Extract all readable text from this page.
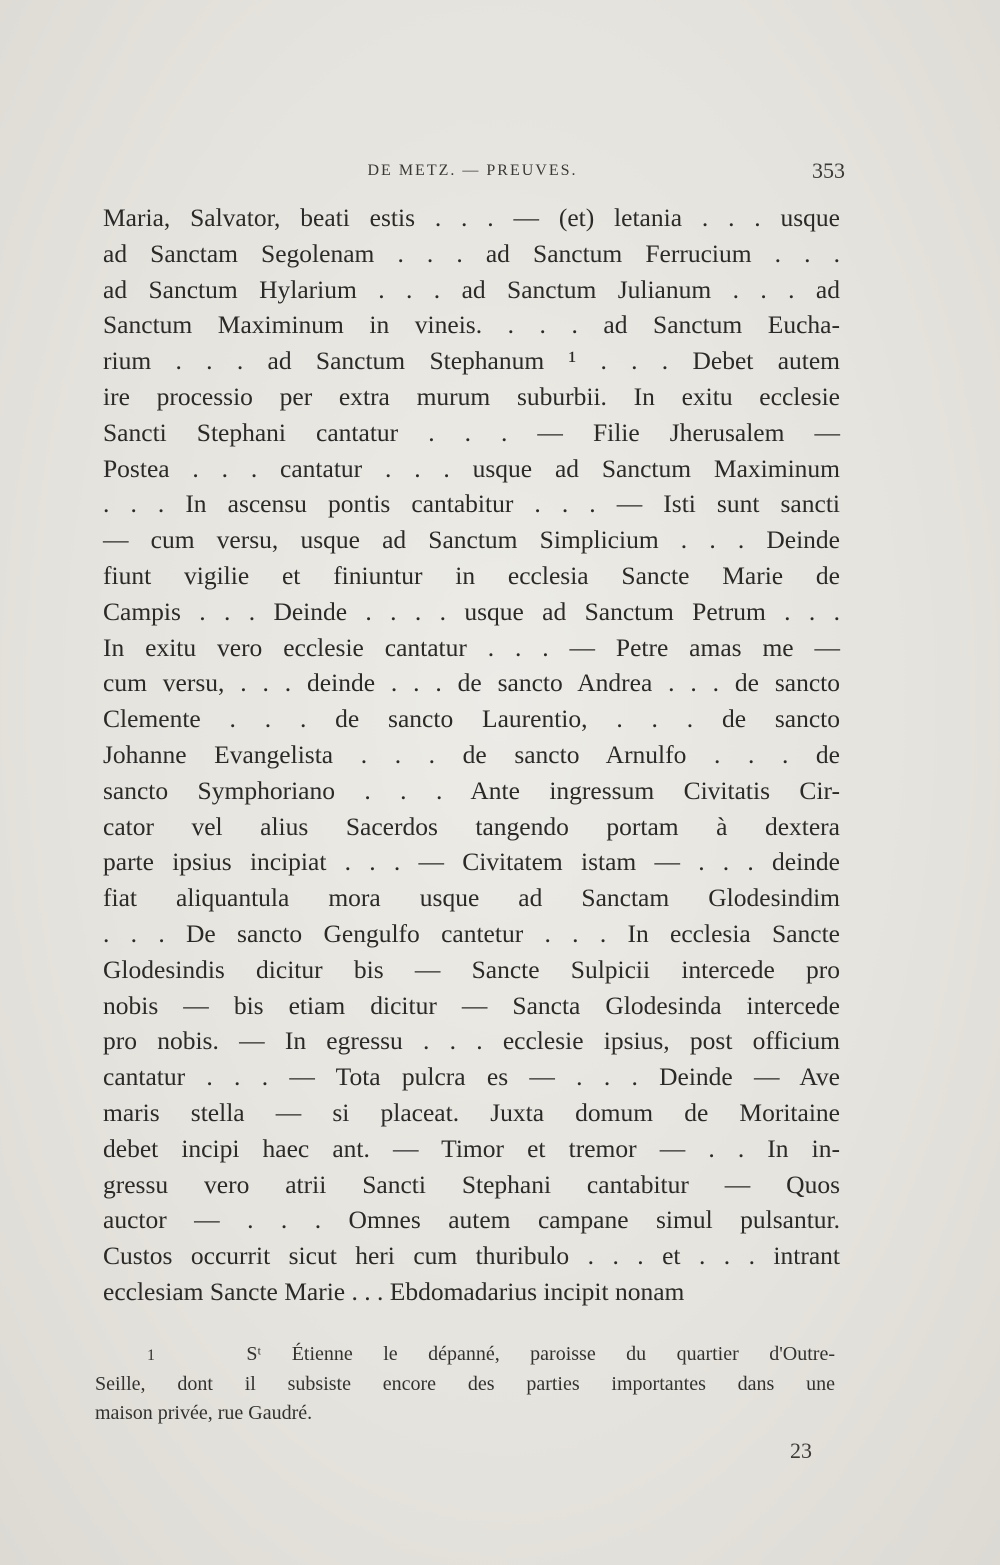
DE METZ. — PREUVES.	353
Maria, Salvator, beati estis . . . — (et) letania . . . usque
ad Sanctam Segolenam . . . ad Sanctum Ferrucium . . .
ad Sanctum Hylarium . . . ad Sanctum Julianum . . . ad
Sanctum Maximinum in vineis. . . . ad Sanctum Eucha-
rium . . . ad Sanctum Stephanum ¹ . . . Debet autem
ire processio per extra murum suburbii. In exitu ecclesie
Sancti Stephani cantatur . . . — Filie Jherusalem —
Postea . . . cantatur . . . usque ad Sanctum Maximinum
. . . In ascensu pontis cantabitur . . . — Isti sunt sancti
— cum versu, usque ad Sanctum Simplicium . . . Deinde
fiunt vigilie et finiuntur in ecclesia Sancte Marie de
Campis . . . Deinde . . . . usque ad Sanctum Petrum . . .
In exitu vero ecclesie cantatur . . . — Petre amas me —
cum versu, . . . deinde . . . de sancto Andrea . . . de sancto
Clemente . . . de sancto Laurentio, . . . de sancto
Johanne Evangelista . . . de sancto Arnulfo . . . de
sancto Symphoriano . . . Ante ingressum Civitatis Cir-
cator vel alius Sacerdos tangendo portam à dextera
parte ipsius incipiat . . . — Civitatem istam — . . . deinde
fiat aliquantula mora usque ad Sanctam Glodesindim
. . . De sancto Gengulfo cantetur . . . In ecclesia Sancte
Glodesindis dicitur bis — Sancte Sulpicii intercede pro
nobis — bis etiam dicitur — Sancta Glodesinda intercede
pro nobis. — In egressu . . . ecclesie ipsius, post officium
cantatur . . . — Tota pulcra es — . . . Deinde — Ave
maris stella — si placeat. Juxta domum de Moritaine
debet incipi haec ant. — Timor et tremor — . . In in-
gressu vero atrii Sancti Stephani cantabitur — Quos
auctor — . . . Omnes autem campane simul pulsantur.
Custos occurrit sicut heri cum thuribulo . . . et . . . intrant
ecclesiam Sancte Marie . . . Ebdomadarius incipit nonam
1	Sᵗ Étienne le dépanné, paroisse du quartier d'Outre-
Seille, dont il subsiste encore des parties importantes dans une
maison privée, rue Gaudré.
23
